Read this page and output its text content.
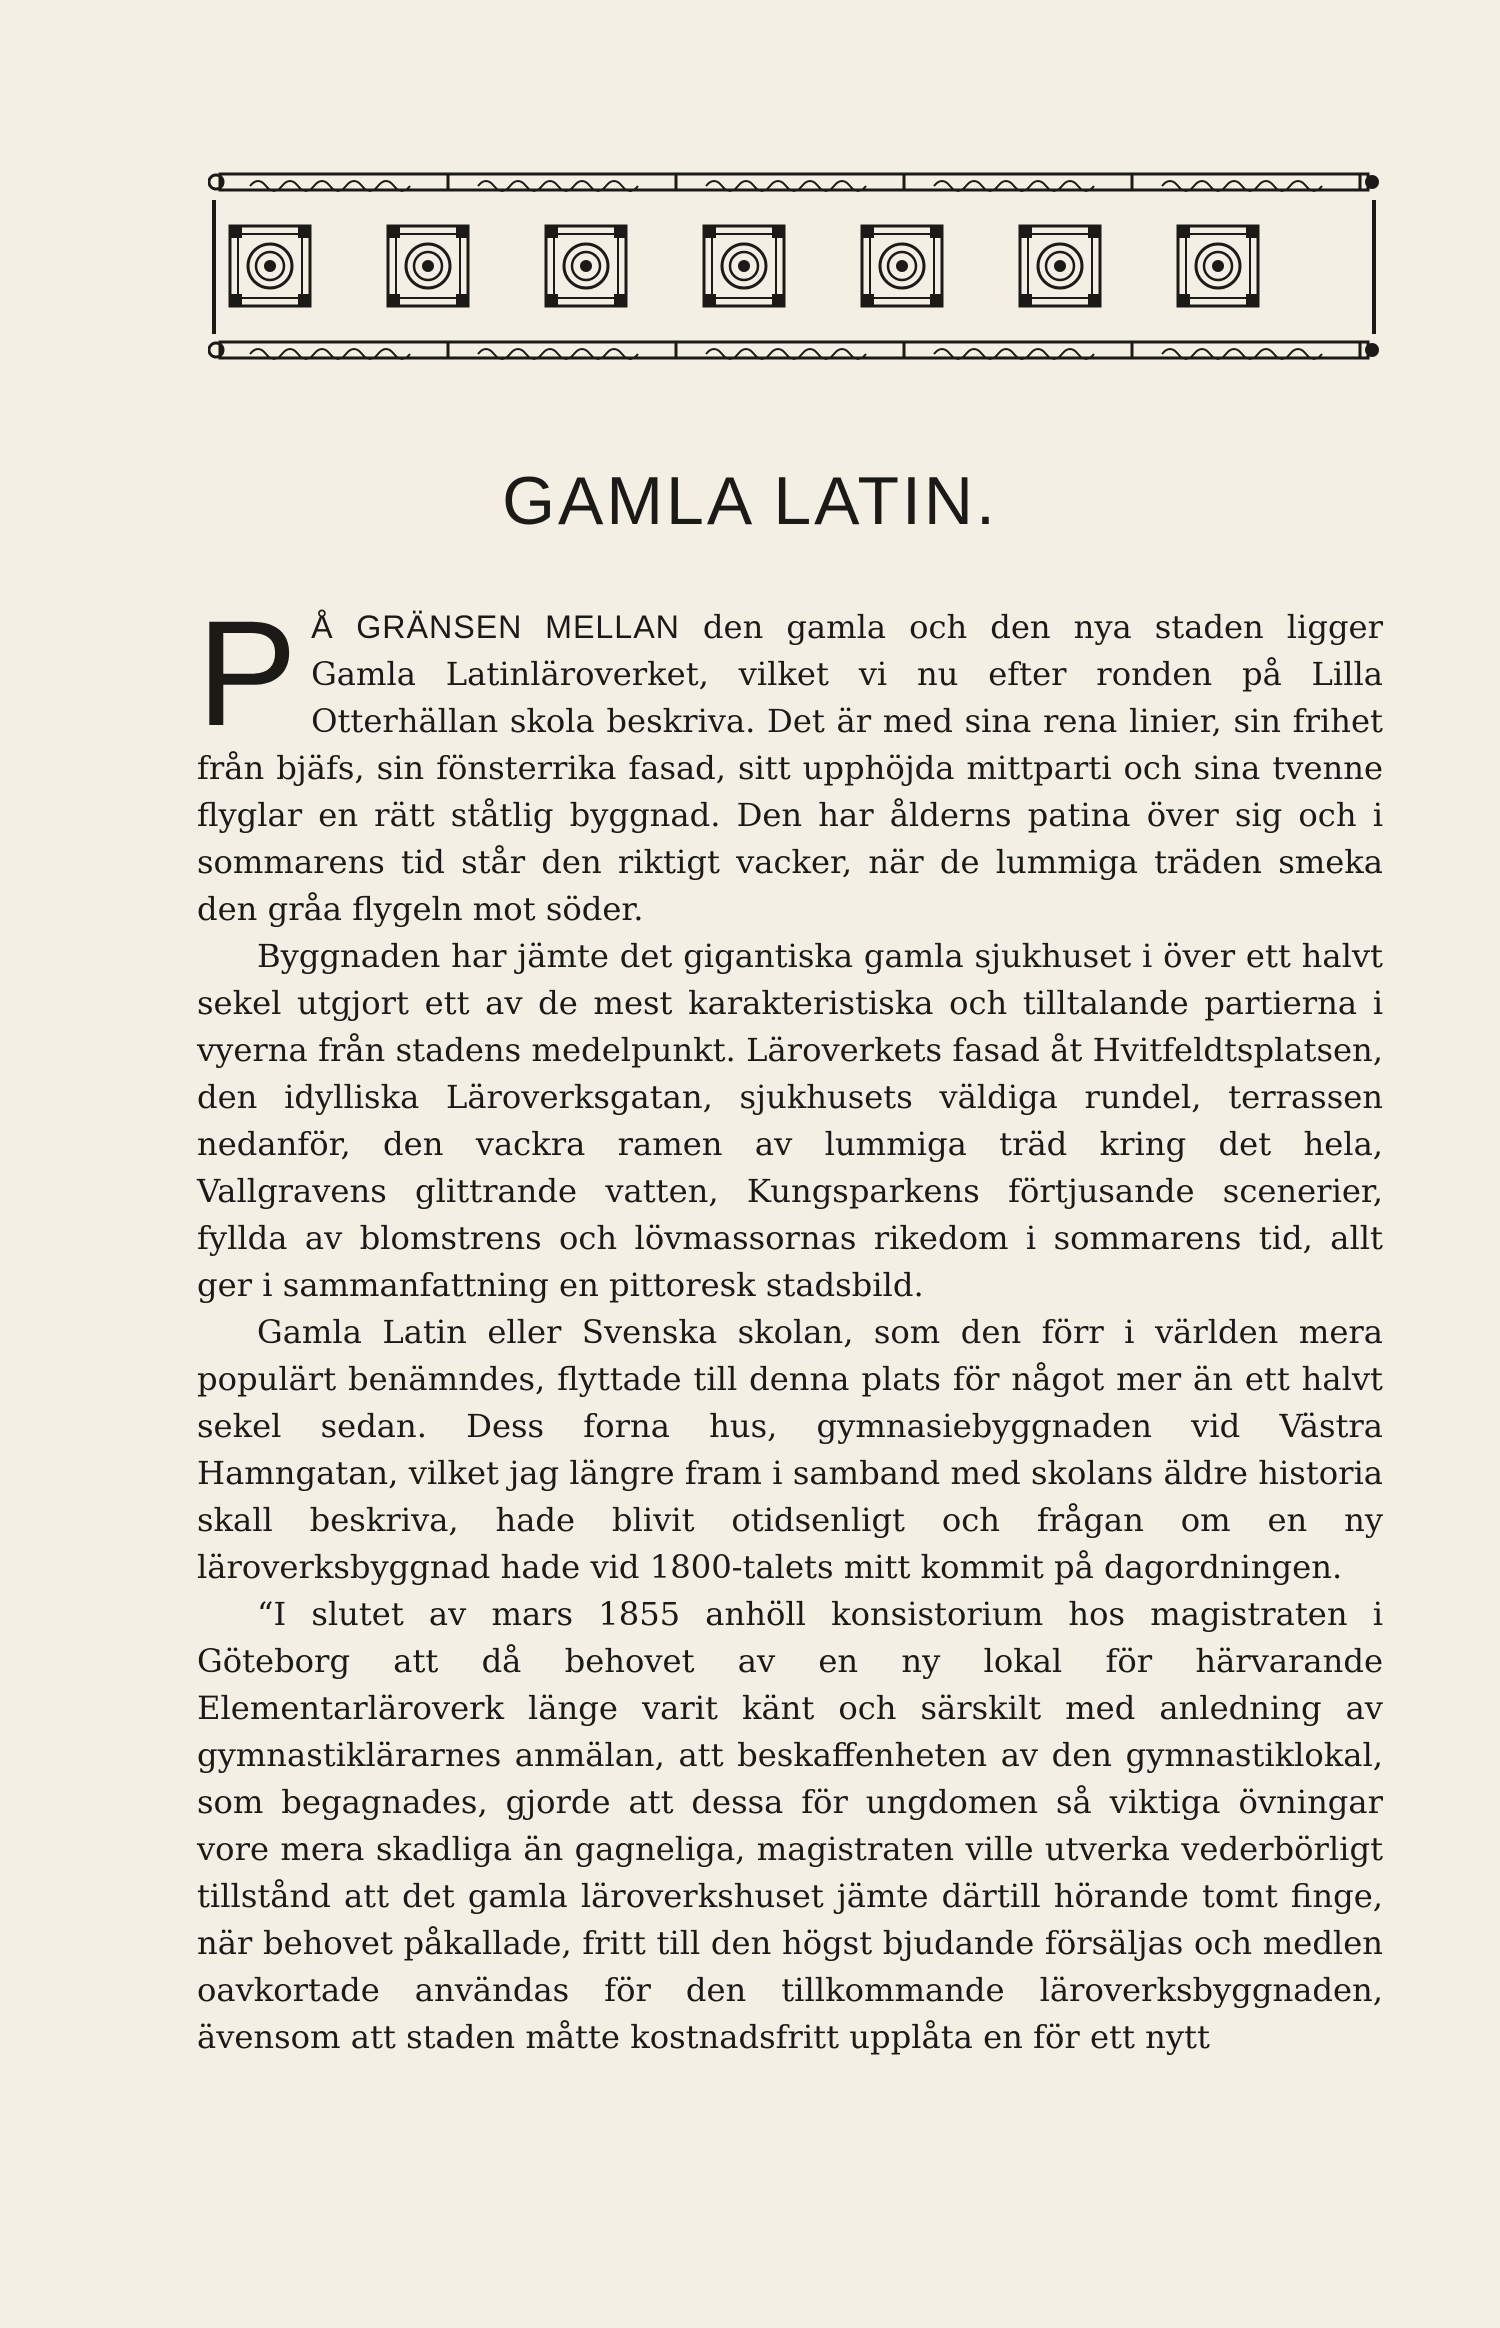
GAMLA LATIN.

P Å GRÄNSEN MELLAN den gamla och den nya staden ligger Gamla Latinläroverket, vilket vi nu efter ronden på Lilla Otterhällan skola beskriva. Det är med sina rena linier, sin frihet från bjäfs, sin fönsterrika fasad, sitt upphöjda mittparti och sina tvenne flyglar en rätt ståtlig byggnad. Den har ålderns patina över sig och i sommarens tid står den riktigt vacker, när de lummiga träden smeka den gråa flygeln mot söder.

Byggnaden har jämte det gigantiska gamla sjukhuset i över ett halvt sekel utgjort ett av de mest karakteristiska och tilltalande partierna i vyerna från stadens medelpunkt. Läroverkets fasad åt Hvitfeldtsplatsen, den idylliska Läroverksgatan, sjukhusets väldiga rundel, terrassen nedanför, den vackra ramen av lummiga träd kring det hela, Vallgravens glittrande vatten, Kungsparkens förtjusande scenerier, fyllda av blomstrens och lövmassornas rikedom i sommarens tid, allt ger i sammanfattning en pittoresk stadsbild.

Gamla Latin eller Svenska skolan, som den förr i världen mera populärt benämndes, flyttade till denna plats för något mer än ett halvt sekel sedan. Dess forna hus, gymnasiebyggnaden vid Västra Hamngatan, vilket jag längre fram i samband med skolans äldre historia skall beskriva, hade blivit otidsenligt och frågan om en ny läroverksbyggnad hade vid 1800-talets mitt kommit på dagordningen.

“I slutet av mars 1855 anhöll konsistorium hos magistraten i Göteborg att då behovet av en ny lokal för härvarande Elementarläroverk länge varit känt och särskilt med anledning av gymnastiklärarnes anmälan, att beskaffenheten av den gymnastiklokal, som begagnades, gjorde att dessa för ungdomen så viktiga övningar vore mera skadliga än gagneliga, magistraten ville utverka vederbörligt tillstånd att det gamla läroverkshuset jämte därtill hörande tomt finge, när behovet påkallade, fritt till den högst bjudande försäljas och medlen oavkortade användas för den tillkommande läroverksbyggnaden, ävensom att staden måtte kostnadsfritt upplåta en för ett nytt
